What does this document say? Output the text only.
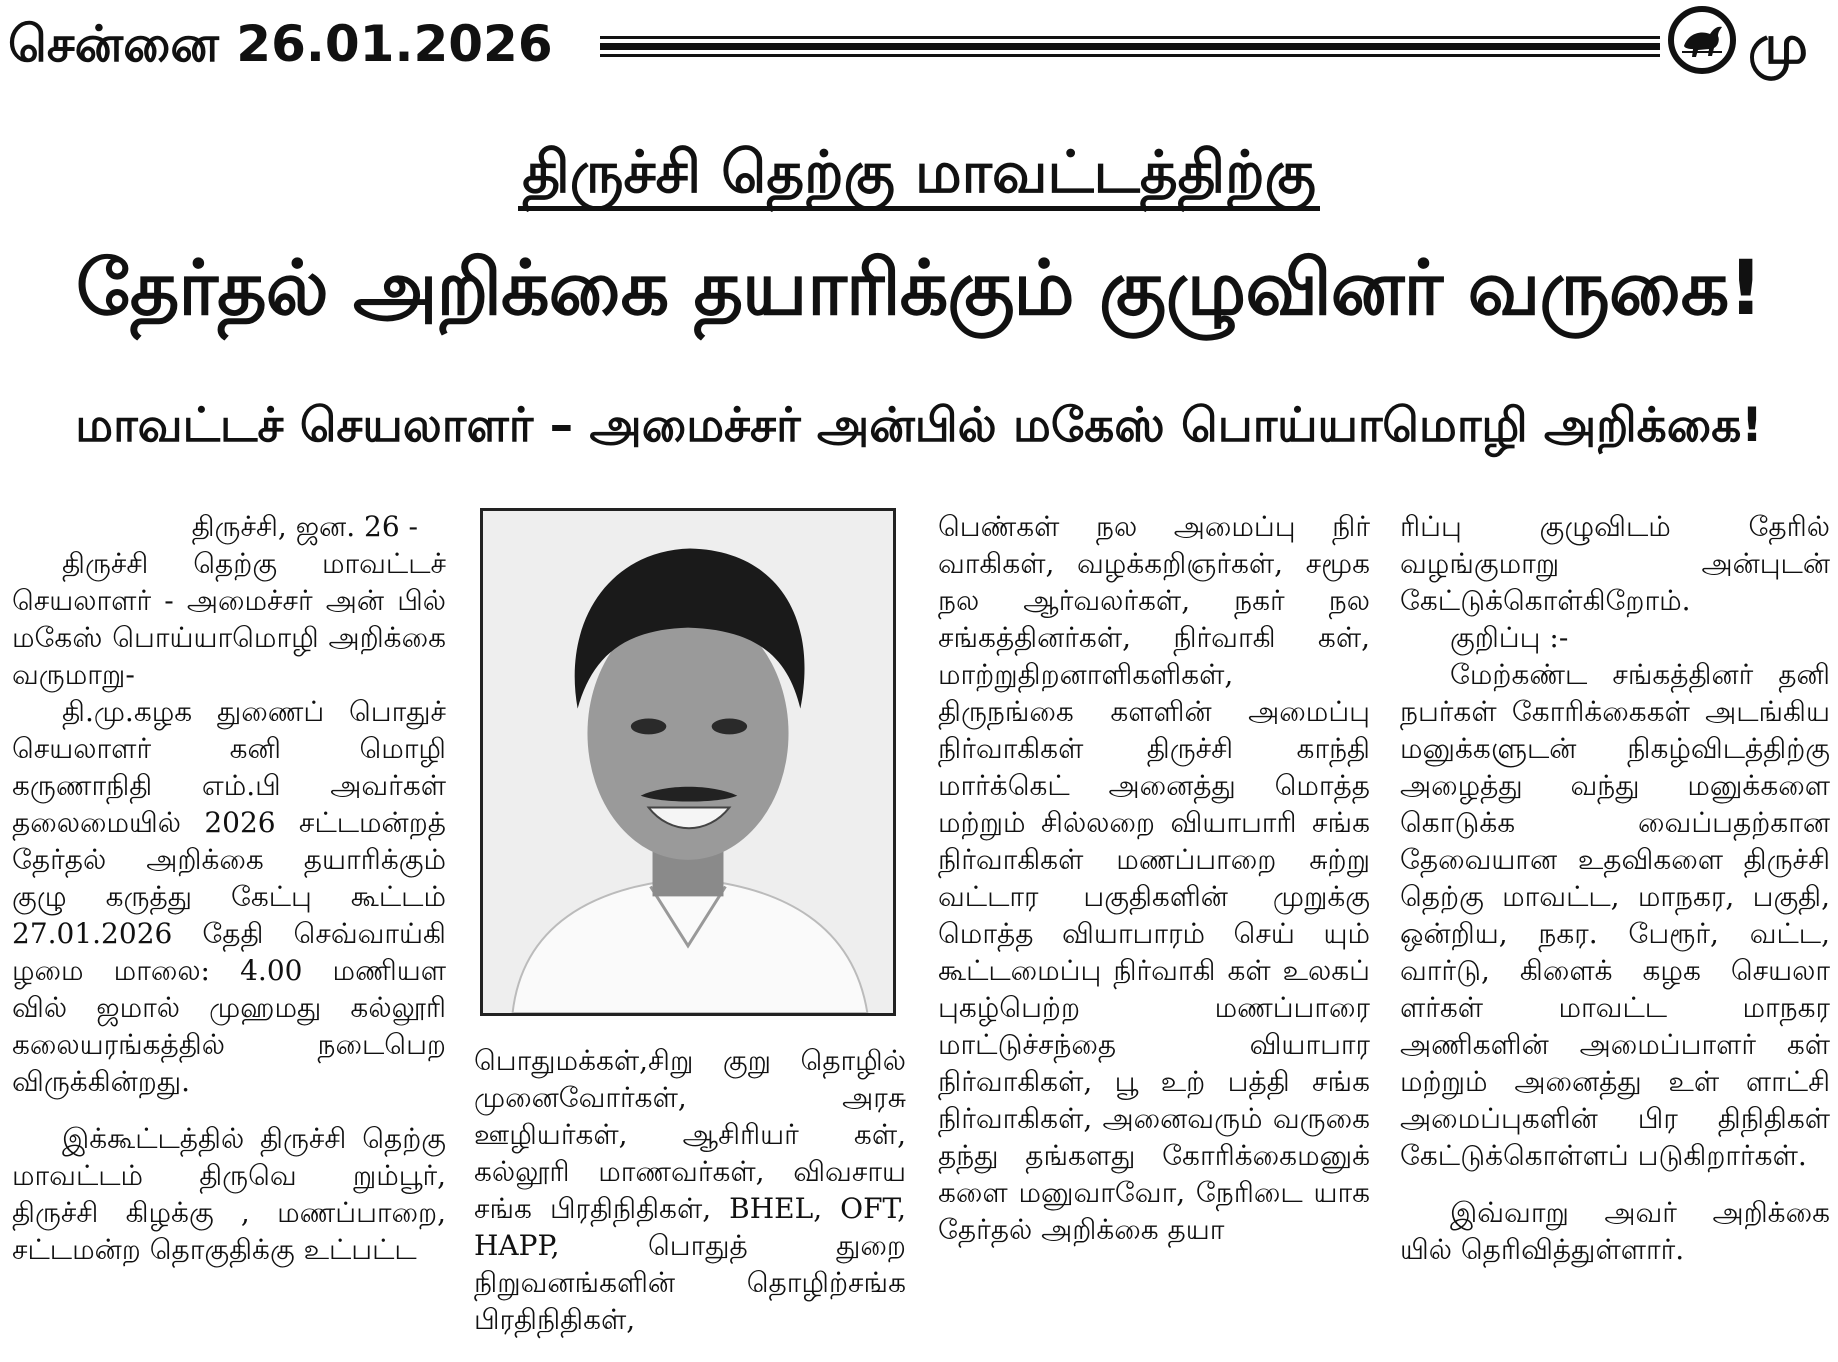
சென்னை 26.01.2026	மு
திருச்சி தெற்கு மாவட்டத்திற்கு
தேர்தல் அறிக்கை தயாரிக்கும் குழுவினர் வருகை!
மாவட்டச் செயலாளர் – அமைச்சர் அன்பில் மகேஸ் பொய்யாமொழி அறிக்கை!

திருச்சி, ஜன. 26 -

திருச்சி தெற்கு மாவட்டச் செயலாளர் - அமைச்சர் அன் பில் மகேஸ் பொய்யாமொழி அறிக்கை வருமாறு-

தி.மு.கழக துணைப் பொதுச் செயலாளர் கனி மொழி கருணாநிதி எம்.பி அவர்கள் தலைமையில் 2026 சட்டமன்றத் தேர்தல் அறிக்கை தயாரிக்கும் குழு கருத்து கேட்பு கூட்டம் 27.01.2026 தேதி செவ்வாய்கி ழமை மாலை: 4.00 மணியள வில் ஜமால் முஹமது கல்லூரி கலையரங்கத்தில் நடைபெற விருக்கின்றது.

இக்கூட்டத்தில் திருச்சி தெற்கு மாவட்டம் திருவெ றும்பூர், திருச்சி கிழக்கு , மணப்பாறை, சட்டமன்ற தொகுதிக்கு உட்பட்ட

பொதுமக்கள்,சிறு குறு தொழில் முனைவோர்கள், அரசு ஊழியர்கள், ஆசிரியர் கள், கல்லூரி மாணவர்கள், விவசாய சங்க பிரதிநிதிகள், BHEL, OFT, HAPP, பொதுத் துறை நிறுவனங்களின் தொழிற்சங்க பிரதிநிதிகள்,

பெண்கள் நல அமைப்பு நிர் வாகிகள், வழக்கறிஞர்கள், சமூக நல ஆர்வலர்கள், நகர் நல சங்கத்தினர்கள், நிர்வாகி கள், மாற்றுதிறனாளிகளிகள், திருநங்கை களளின் அமைப்பு நிர்வாகிகள் திருச்சி காந்தி மார்க்கெட் அனைத்து மொத்த மற்றும் சில்லறை வியாபாரி சங்க நிர்வாகிகள் மணப்பாறை சுற்று வட்டார பகுதிகளின் முறுக்கு மொத்த வியாபாரம் செய் யும் கூட்டமைப்பு நிர்வாகி கள் உலகப் புகழ்பெற்ற மணப்பாரை மாட்டுச்சந்தை வியாபார நிர்வாகிகள், பூ உற் பத்தி சங்க நிர்வாகிகள், அனைவரும் வருகை தந்து தங்களது கோரிக்கைமனுக் களை மனுவாவோ, நேரிடை யாக தேர்தல் அறிக்கை தயா

ரிப்பு குழுவிடம் தேரில் வழங்குமாறு அன்புடன் கேட்டுக்கொள்கிறோம்.

குறிப்பு :-

மேற்கண்ட சங்கத்தினர் தனி நபர்கள் கோரிக்கைகள் அடங்கிய மனுக்களுடன் நிகழ்விடத்திற்கு அழைத்து வந்து மனுக்களை கொடுக்க வைப்பதற்கான தேவையான உதவிகளை திருச்சி தெற்கு மாவட்ட, மாநகர, பகுதி, ஒன்றிய, நகர. பேரூர், வட்ட, வார்டு, கிளைக் கழக செயலா ளர்கள் மாவட்ட மாநகர அணிகளின் அமைப்பாளர் கள் மற்றும் அனைத்து உள் ளாட்சி அமைப்புகளின் பிர திநிதிகள் கேட்டுக்கொள்ளப் படுகிறார்கள்.

இவ்வாறு அவர் அறிக்கை யில் தெரிவித்துள்ளார்.
